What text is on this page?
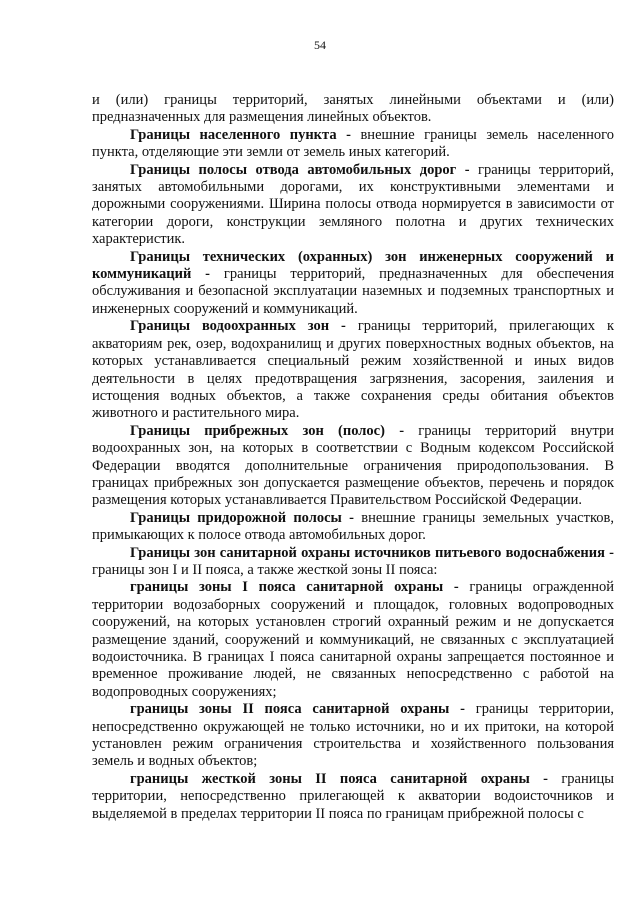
54

и (или) границы территорий, занятых линейными объектами и (или) предназначенных для размещения линейных объектов.

Границы населенного пункта - внешние границы земель населенного пункта, отделяющие эти земли от земель иных категорий.

Границы полосы отвода автомобильных дорог - границы территорий, занятых автомобильными дорогами, их конструктивными элементами и дорожными сооружениями. Ширина полосы отвода нормируется в зависимости от категории дороги, конструкции земляного полотна и других технических характеристик.

Границы технических (охранных) зон инженерных сооружений и коммуникаций - границы территорий, предназначенных для обеспечения обслуживания и безопасной эксплуатации наземных и подземных транспортных и инженерных сооружений и коммуникаций.

Границы водоохранных зон - границы территорий, прилегающих к акваториям рек, озер, водохранилищ и других поверхностных водных объектов, на которых устанавливается специальный режим хозяйственной и иных видов деятельности в целях предотвращения загрязнения, засорения, заиления и истощения водных объектов, а также сохранения среды обитания объектов животного и растительного мира.

Границы прибрежных зон (полос) - границы территорий внутри водоохранных зон, на которых в соответствии с Водным кодексом Российской Федерации вводятся дополнительные ограничения природопользования. В границах прибрежных зон допускается размещение объектов, перечень и порядок размещения которых устанавливается Правительством Российской Федерации.

Границы придорожной полосы - внешние границы земельных участков, примыкающих к полосе отвода автомобильных дорог.

Границы зон санитарной охраны источников питьевого водоснабжения - границы зон I и II пояса, а также жесткой зоны II пояса:

границы зоны I пояса санитарной охраны - границы огражденной территории водозаборных сооружений и площадок, головных водопроводных сооружений, на которых установлен строгий охранный режим и не допускается размещение зданий, сооружений и коммуникаций, не связанных с эксплуатацией водоисточника. В границах I пояса санитарной охраны запрещается постоянное и временное проживание людей, не связанных непосредственно с работой на водопроводных сооружениях;

границы зоны II пояса санитарной охраны - границы территории, непосредственно окружающей не только источники, но и их притоки, на которой установлен режим ограничения строительства и хозяйственного пользования земель и водных объектов;

границы жесткой зоны II пояса санитарной охраны - границы территории, непосредственно прилегающей к акватории водоисточников и выделяемой в пределах территории II пояса по границам прибрежной полосы с
